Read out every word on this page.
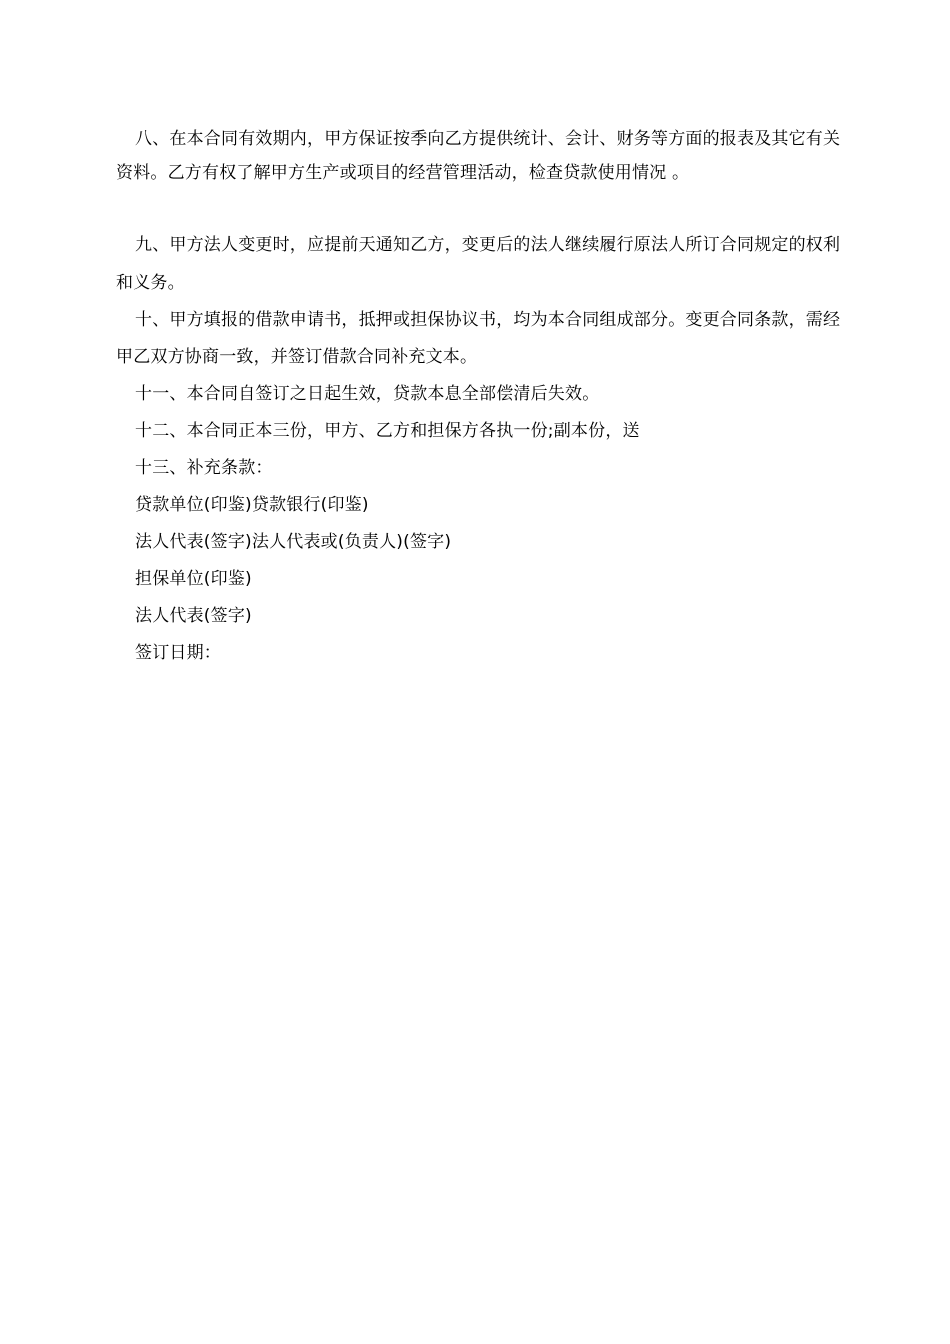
八、在本合同有效期内，甲方保证按季向乙方提供统计、会计、财务等方面的报表及其它有关资料。乙方有权了解甲方生产或项目的经营管理活动，检查贷款使用情况 。

九、甲方法人变更时，应提前天通知乙方，变更后的法人继续履行原法人所订合同规定的权利和义务。

十、甲方填报的借款申请书，抵押或担保协议书，均为本合同组成部分。变更合同条款，需经甲乙双方协商一致，并签订借款合同补充文本。

十一、本合同自签订之日起生效，贷款本息全部偿清后失效。

十二、本合同正本三份，甲方、乙方和担保方各执一份;副本份，送

十三、补充条款：

贷款单位(印鉴)贷款银行(印鉴)

法人代表(签字)法人代表或(负责人)(签字)

担保单位(印鉴)

法人代表(签字)

签订日期：
